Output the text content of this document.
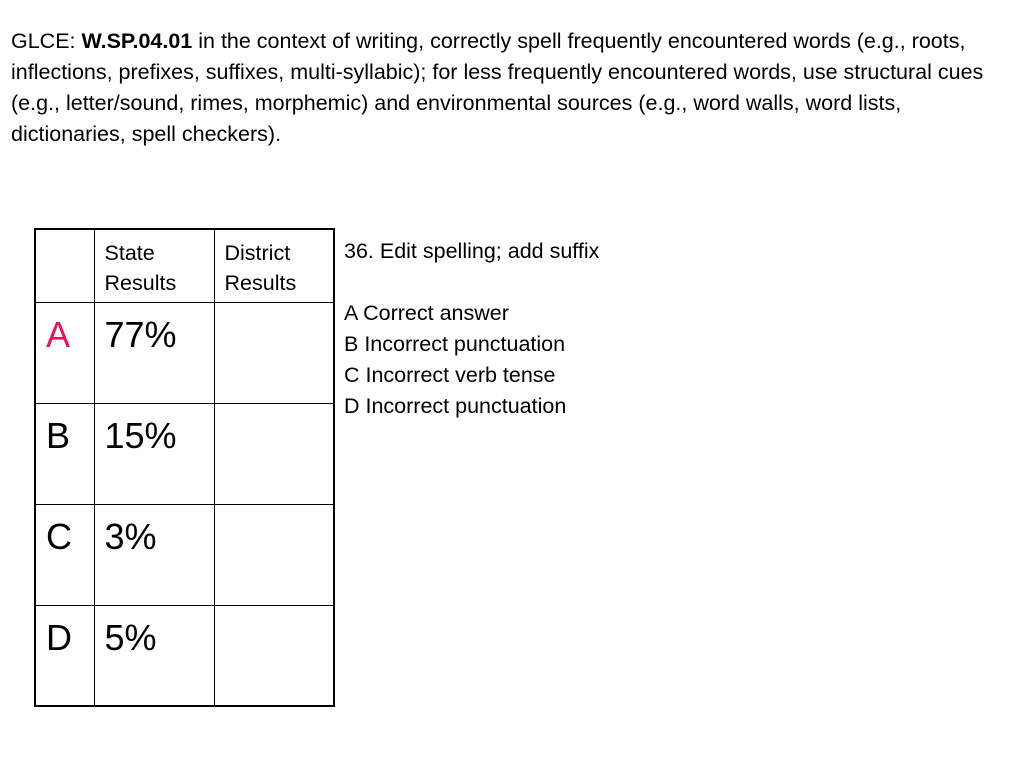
GLCE: W.SP.04.01 in the context of writing, correctly spell frequently encountered words (e.g., roots, inflections, prefixes, suffixes, multi-syllabic); for less frequently encountered words, use structural cues (e.g., letter/sound, rimes, morphemic) and environmental sources (e.g., word walls, word lists, dictionaries, spell checkers).

	State Results	District Results
A	77%	
B	15%	
C	3%	
D	5%	
36. Edit spelling; add suffix
A Correct answer
B Incorrect punctuation
C Incorrect verb tense
D Incorrect punctuation
